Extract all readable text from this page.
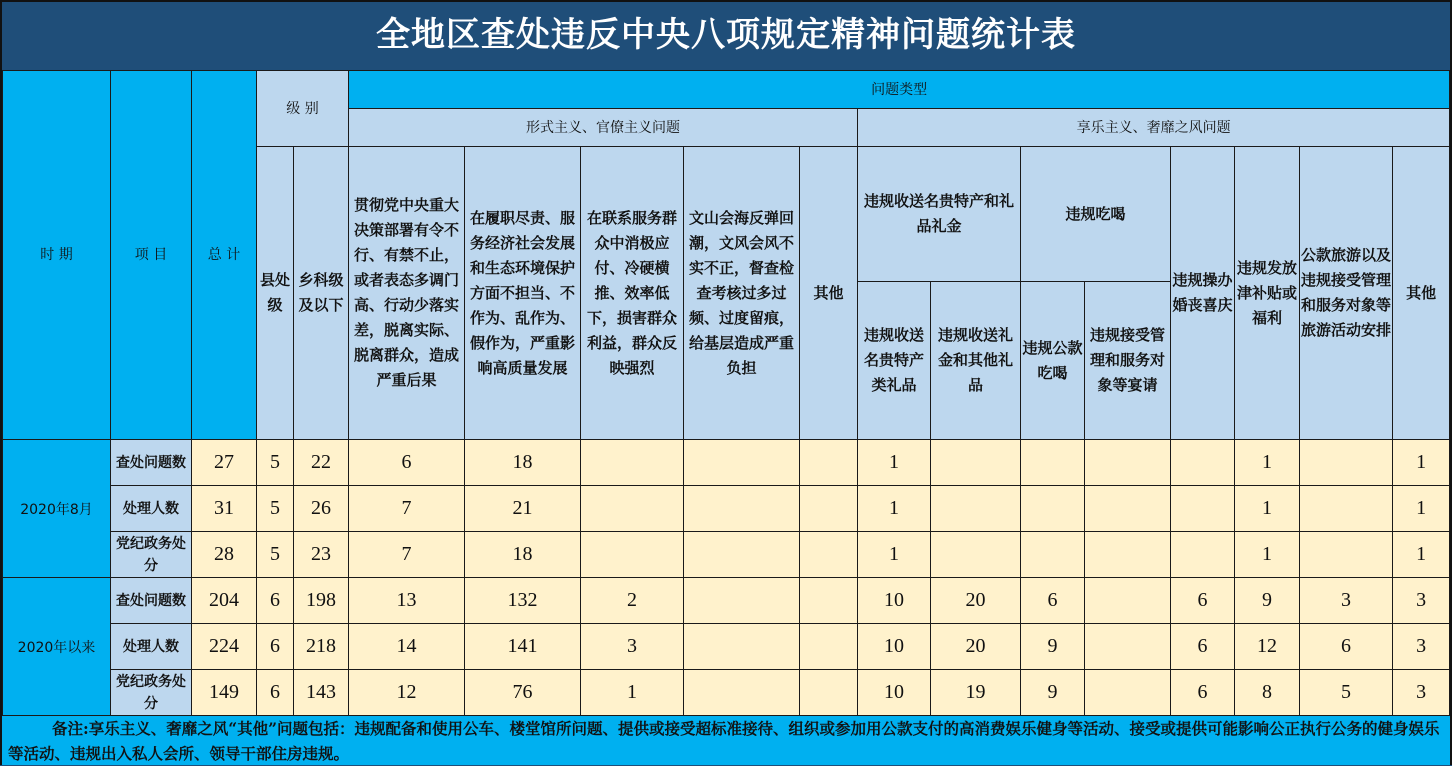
全地区查处违反中央八项规定精神问题统计表
时 期	项 目	总 计	级 别		问题类型												
					形式主义、官僚主义问题					享乐主义、奢靡之风问题							
			县处级	乡科级及以下	贯彻党中央重大决策部署有令不行、有禁不止，或者表态多调门高、行动少落实差，脱离实际、脱离群众，造成严重后果	在履职尽责、服务经济社会发展和生态环境保护方面不担当、不作为、乱作为、假作为，严重影响高质量发展	在联系服务群众中消极应付、冷硬横推、效率低下，损害群众利益，群众反映强烈	文山会海反弹回潮，文风会风不实不正，督查检查考核过多过频、过度留痕，给基层造成严重负担	其他	违规收送名贵特产和礼品礼金		违规吃喝		违规操办婚丧喜庆	违规发放津补贴或福利	公款旅游以及违规接受管理和服务对象等旅游活动安排	其他
										违规收送名贵特产类礼品	违规收送礼金和其他礼品	违规公款吃喝	违规接受管理和服务对象等宴请				
2020年8月	查处问题数	27	5	22	6	18				1					1		1
	处理人数	31	5	26	7	21				1					1		1
	党纪政务处分	28	5	23	7	18				1					1		1
2020年以来	查处问题数	204	6	198	13	132	2			10	20	6		6	9	3	3
	处理人数	224	6	218	14	141	3			10	20	9		6	12	6	3
	党纪政务处分	149	6	143	12	76	1			10	19	9		6	8	5	3
备注:享乐主义、奢靡之风“其他”问题包括：违规配备和使用公车、楼堂馆所问题、提供或接受超标准接待、组织或参加用公款支付的高消费娱乐健身等活动、接受或提供可能影响公正执行公务的健身娱乐等活动、违规出入私人会所、领导干部住房违规。
